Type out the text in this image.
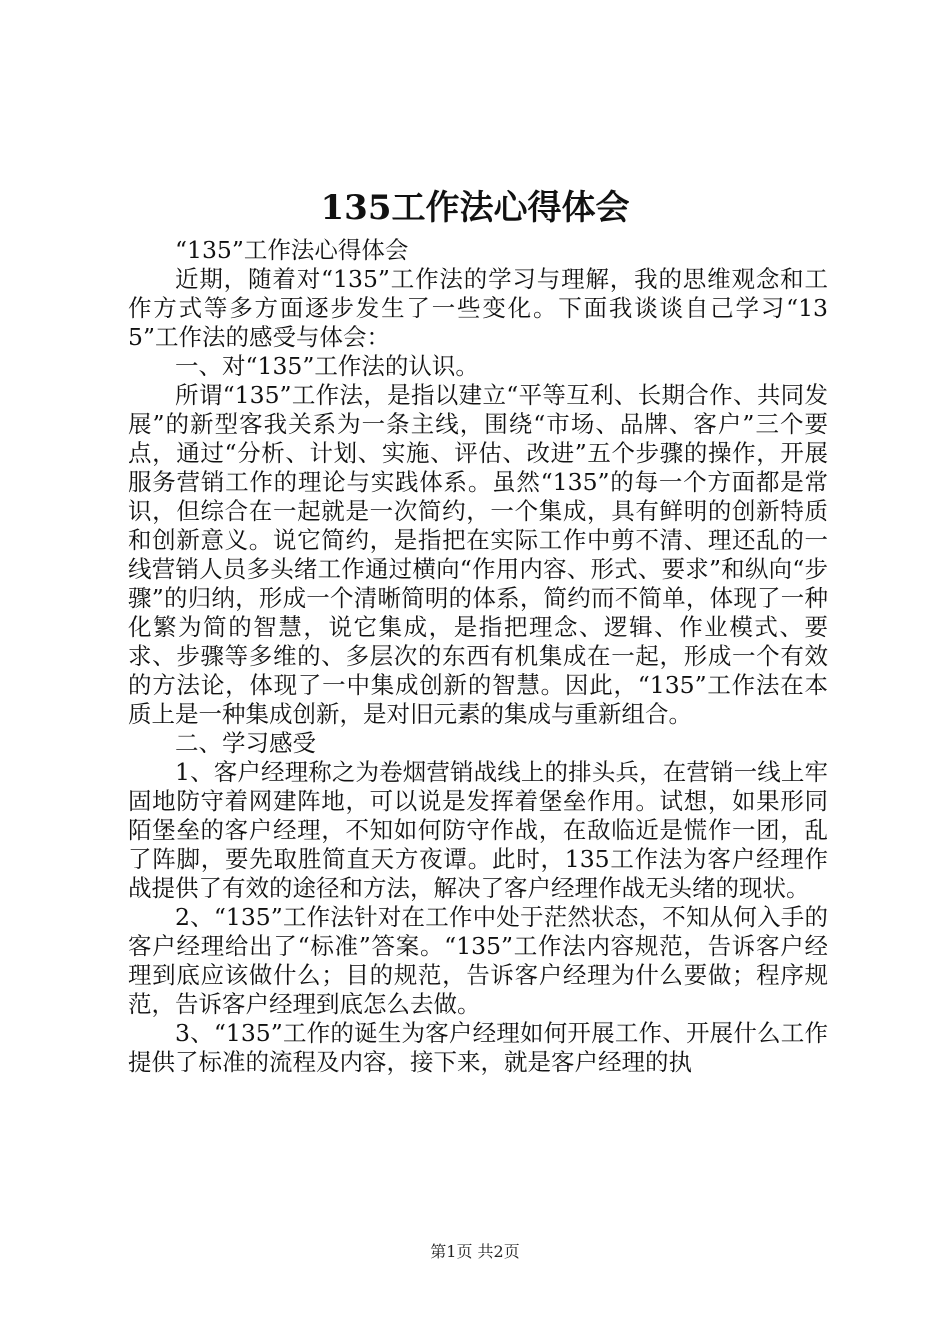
135工作法心得体会

“135”工作法心得体会

近期，随着对“135”工作法的学习与理解，我的思维观念和工作方式等多方面逐步发生了一些变化。下面我谈谈自己学习“135”工作法的感受与体会：

一、对“135”工作法的认识。

所谓“135”工作法，是指以建立“平等互利、长期合作、共同发展”的新型客我关系为一条主线，围绕“市场、品牌、客户”三个要点，通过“分析、计划、实施、评估、改进”五个步骤的操作，开展服务营销工作的理论与实践体系。虽然“135”的每一个方面都是常识，但综合在一起就是一次简约，一个集成，具有鲜明的创新特质和创新意义。说它简约，是指把在实际工作中剪不清、理还乱的一线营销人员多头绪工作通过横向“作用内容、形式、要求”和纵向“步骤”的归纳，形成一个清晰简明的体系，简约而不简单，体现了一种化繁为简的智慧，说它集成，是指把理念、逻辑、作业模式、要求、步骤等多维的、多层次的东西有机集成在一起，形成一个有效的方法论，体现了一中集成创新的智慧。因此，“135”工作法在本质上是一种集成创新，是对旧元素的集成与重新组合。

二、学习感受

1、客户经理称之为卷烟营销战线上的排头兵，在营销一线上牢固地防守着网建阵地，可以说是发挥着堡垒作用。试想，如果形同陌堡垒的客户经理，不知如何防守作战，在敌临近是慌作一团，乱了阵脚，要先取胜简直天方夜谭。此时，135工作法为客户经理作战提供了有效的途径和方法，解决了客户经理作战无头绪的现状。

2、“135”工作法针对在工作中处于茫然状态，不知从何入手的客户经理给出了“标准”答案。“135”工作法内容规范，告诉客户经理到底应该做什么；目的规范，告诉客户经理为什么要做；程序规范，告诉客户经理到底怎么去做。

3、“135”工作的诞生为客户经理如何开展工作、开展什么工作提供了标准的流程及内容，接下来，就是客户经理的执

第1页 共2页
